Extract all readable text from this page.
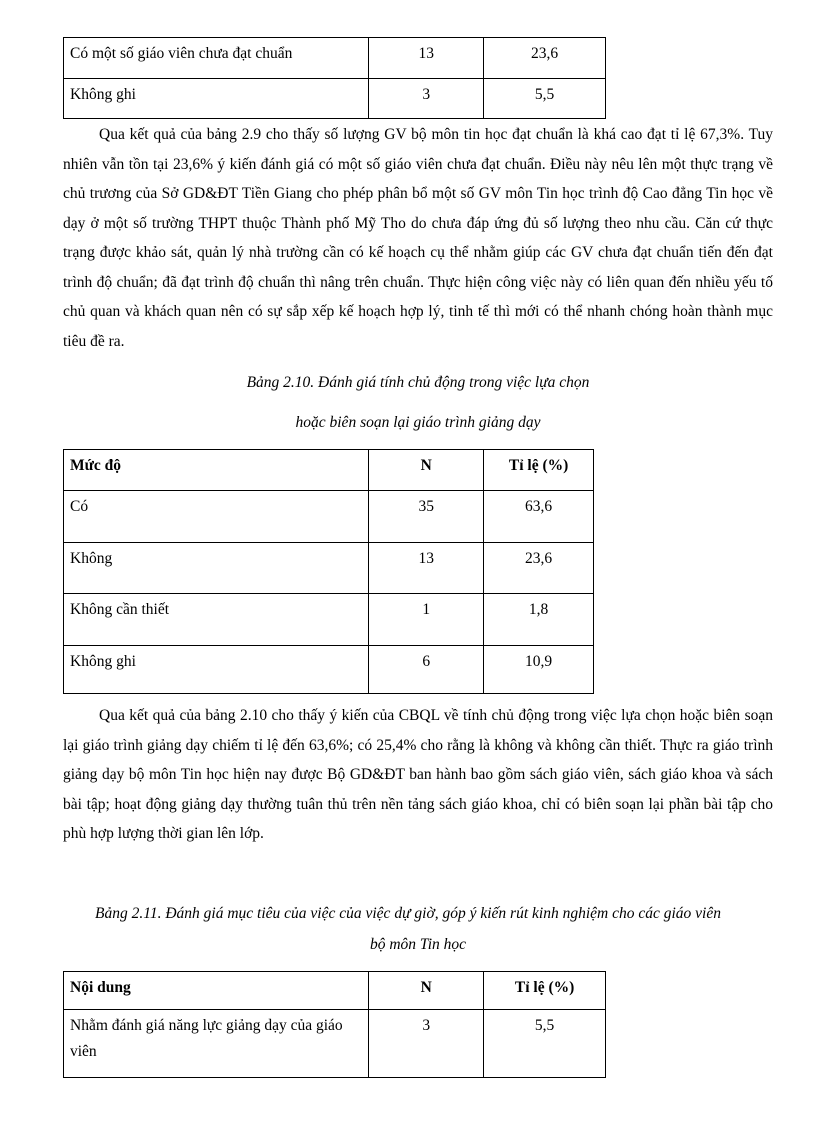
Có một số giáo viên chưa đạt chuẩn	13	23,6
Không ghi	3	5,5

Qua kết quả của bảng 2.9 cho thấy số lượng GV bộ môn tin học đạt chuẩn là khá cao đạt tỉ lệ 67,3%. Tuy nhiên vẫn tồn tại 23,6% ý kiến đánh giá có một số giáo viên chưa đạt chuẩn. Điều này nêu lên một thực trạng về chủ trương của Sở GD&ĐT Tiền Giang cho phép phân bổ một số GV môn Tin học trình độ Cao đẳng Tin học về dạy ở một số trường THPT thuộc Thành phố Mỹ Tho do chưa đáp ứng đủ số lượng theo nhu cầu. Căn cứ thực trạng được khảo sát, quản lý nhà trường cần có kế hoạch cụ thể nhằm giúp các GV chưa đạt chuẩn tiến đến đạt trình độ chuẩn; đã đạt trình độ chuẩn thì nâng trên chuẩn. Thực hiện công việc này có liên quan đến nhiều yếu tố chủ quan và khách quan nên có sự sắp xếp kế hoạch hợp lý, tinh tế thì mới có thể nhanh chóng hoàn thành mục tiêu đề ra.

Bảng 2.10. Đánh giá tính chủ động trong việc lựa chọn

hoặc biên soạn lại giáo trình giảng dạy

Mức độ	N	Tỉ lệ (%)
Có	35	63,6
Không	13	23,6
Không cần thiết	1	1,8
Không ghi	6	10,9

Qua kết quả của bảng 2.10 cho thấy ý kiến của CBQL về tính chủ động trong việc lựa chọn hoặc biên soạn lại giáo trình giảng dạy chiếm tỉ lệ đến 63,6%; có 25,4% cho rằng là không và không cần thiết. Thực ra giáo trình giảng dạy bộ môn Tin học hiện nay được Bộ GD&ĐT ban hành bao gồm sách giáo viên, sách giáo khoa và sách bài tập; hoạt động giảng dạy thường tuân thủ trên nền tảng sách giáo khoa, chỉ có biên soạn lại phần bài tập cho phù hợp lượng thời gian lên lớp.

Bảng 2.11. Đánh giá mục tiêu của việc của việc dự giờ, góp ý kiến rút kinh nghiệm cho các giáo viên

bộ môn Tin học

Nội dung	N	Tỉ lệ (%)
Nhằm đánh giá năng lực giảng dạy của giáo viên	3	5,5
